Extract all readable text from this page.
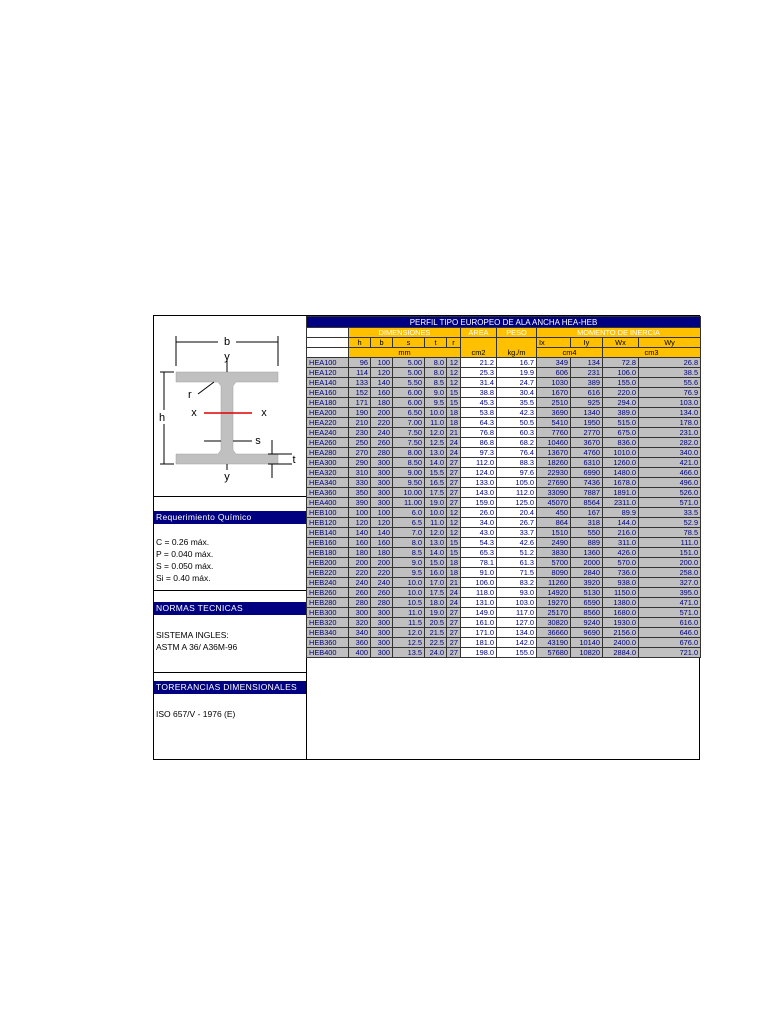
b
y
y
h
r
x	x
s
t
Requerimiento Químico
C = 0.26 máx.
P = 0.040 máx.
S = 0.050 máx.
Si = 0.40 máx.
NORMAS TECNICAS
SISTEMA INGLES:
ASTM A 36/ A36M-96
TORERANCIAS DIMENSIONALES
ISO 657/V - 1976 (E)
PERFIL TIPO EUROPEO DE ALA ANCHA HEA-HEB											
	DIMENSIONES					AREA	PESO	MOMENTO DE INERCIA			
	h	b	s	t	r	cm2	kg./m	Ix	Iy	Wx	Wy
	mm							cm4		cm3	
HEA100	96	100	5.00	8.0	12	21.2	16.7	349	134	72.8	26.8
HEA120	114	120	5.00	8.0	12	25.3	19.9	606	231	106.0	38.5
HEA140	133	140	5.50	8.5	12	31.4	24.7	1030	389	155.0	55.6
HEA160	152	160	6.00	9.0	15	38.8	30.4	1670	616	220.0	76.9
HEA180	171	180	6.00	9.5	15	45.3	35.5	2510	925	294.0	103.0
HEA200	190	200	6.50	10.0	18	53.8	42.3	3690	1340	389.0	134.0
HEA220	210	220	7.00	11.0	18	64.3	50.5	5410	1950	515.0	178.0
HEA240	230	240	7.50	12.0	21	76.8	60.3	7760	2770	675.0	231.0
HEA260	250	260	7.50	12.5	24	86.8	68.2	10460	3670	836.0	282.0
HEA280	270	280	8.00	13.0	24	97.3	76.4	13670	4760	1010.0	340.0
HEA300	290	300	8.50	14.0	27	112.0	88.3	18260	6310	1260.0	421.0
HEA320	310	300	9.00	15.5	27	124.0	97.6	22930	6990	1480.0	466.0
HEA340	330	300	9.50	16.5	27	133.0	105.0	27690	7436	1678.0	496.0
HEA360	350	300	10.00	17.5	27	143.0	112.0	33090	7887	1891.0	526.0
HEA400	390	300	11.00	19.0	27	159.0	125.0	45070	8564	2311.0	571.0
HEB100	100	100	6.0	10.0	12	26.0	20.4	450	167	89.9	33.5
HEB120	120	120	6.5	11.0	12	34.0	26.7	864	318	144.0	52.9
HEB140	140	140	7.0	12.0	12	43.0	33.7	1510	550	216.0	78.5
HEB160	160	160	8.0	13.0	15	54.3	42.6	2490	889	311.0	111.0
HEB180	180	180	8.5	14.0	15	65.3	51.2	3830	1360	426.0	151.0
HEB200	200	200	9.0	15.0	18	78.1	61.3	5700	2000	570.0	200.0
HEB220	220	220	9.5	16.0	18	91.0	71.5	8090	2840	736.0	258.0
HEB240	240	240	10.0	17.0	21	106.0	83.2	11260	3920	938.0	327.0
HEB260	260	260	10.0	17.5	24	118.0	93.0	14920	5130	1150.0	395.0
HEB280	280	280	10.5	18.0	24	131.0	103.0	19270	6590	1380.0	471.0
HEB300	300	300	11.0	19.0	27	149.0	117.0	25170	8560	1680.0	571.0
HEB320	320	300	11.5	20.5	27	161.0	127.0	30820	9240	1930.0	616.0
HEB340	340	300	12.0	21.5	27	171.0	134.0	36660	9690	2156.0	646.0
HEB360	360	300	12.5	22.5	27	181.0	142.0	43190	10140	2400.0	676.0
HEB400	400	300	13.5	24.0	27	198.0	155.0	57680	10820	2884.0	721.0
